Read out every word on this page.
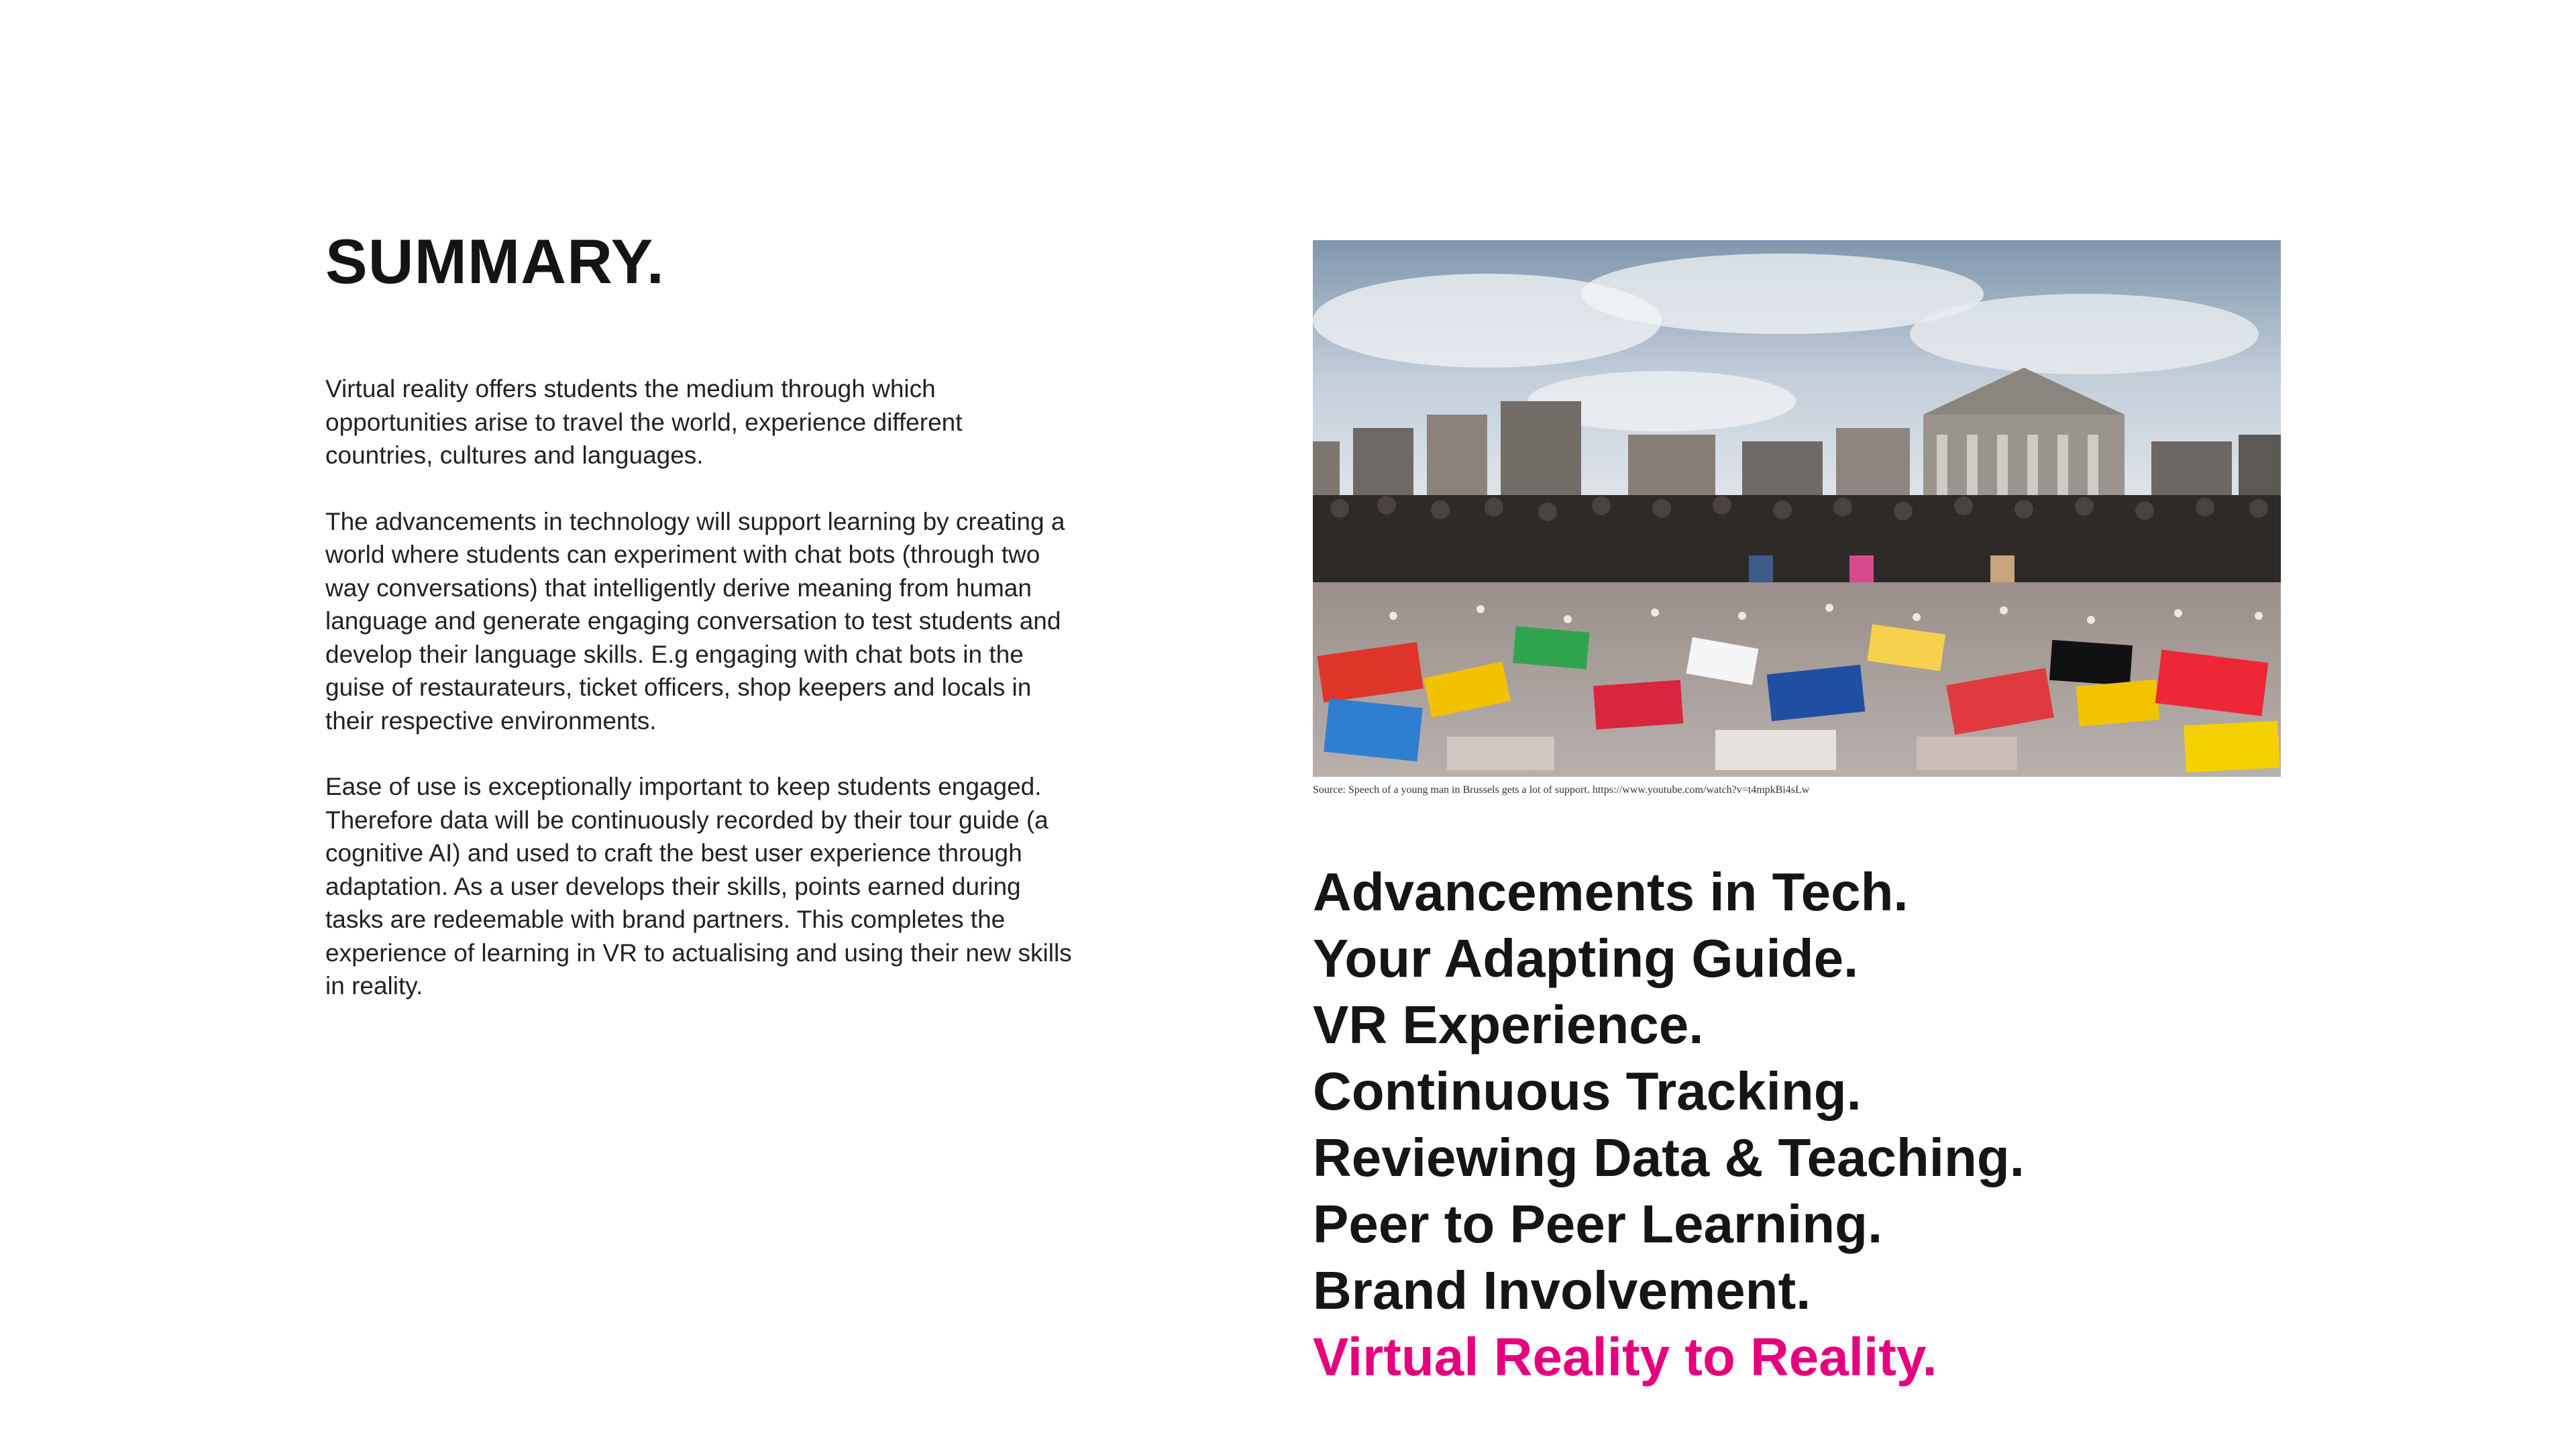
SUMMARY.

Virtual reality offers students the medium through which opportunities arise to travel the world, experience different countries, cultures and languages.

The advancements in technology will support learning by creating a world where students can experiment with chat bots (through two way conversations) that intelligently derive meaning from human language and generate engaging conversation to test students and develop their language skills. E.g engaging with chat bots in the guise of restaurateurs, ticket officers, shop keepers and locals in their respective environments.

Ease of use is exceptionally important to keep students engaged. Therefore data will be continuously recorded by their tour guide (a cognitive AI) and used to craft the best user experience through adaptation. As a user develops their skills, points earned during tasks are redeemable with brand partners. This completes the experience of learning in VR to actualising and using their new skills in reality.

Source: Speech of a young man in Brussels gets a lot of support. https://www.youtube.com/watch?v=t4mpkBi4sLw
Advancements in Tech.
Your Adapting Guide.
VR Experience.
Continuous Tracking.
Reviewing Data & Teaching.
Peer to Peer Learning.
Brand Involvement.
Virtual Reality to Reality.
